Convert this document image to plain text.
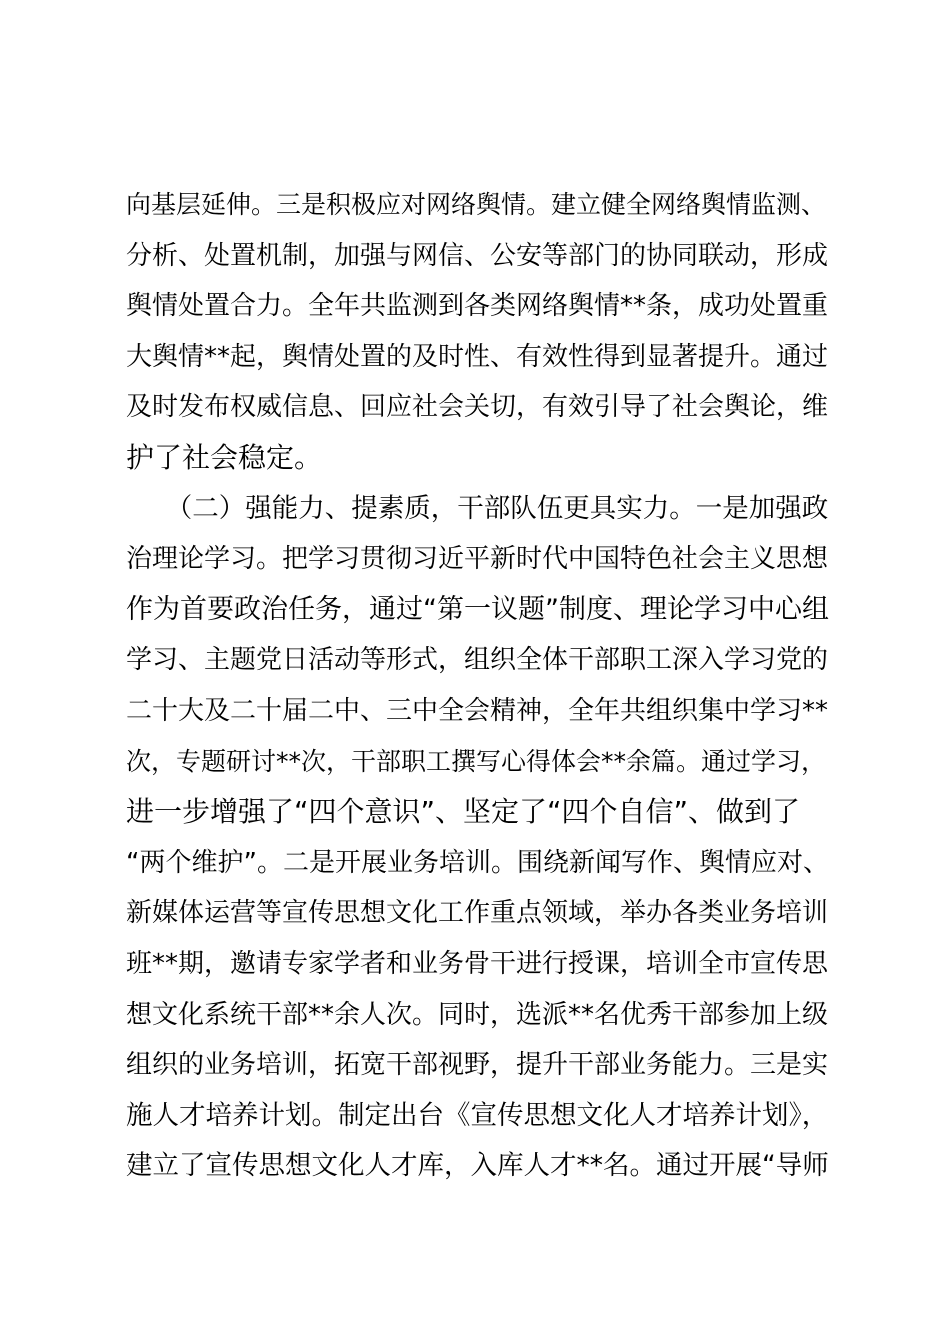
向基层延伸。三是积极应对网络舆情。建立健全网络舆情监测、
分析、处置机制，加强与网信、公安等部门的协同联动，形成
舆情处置合力。全年共监测到各类网络舆情**条，成功处置重
大舆情**起，舆情处置的及时性、有效性得到显著提升。通过
及时发布权威信息、回应社会关切，有效引导了社会舆论，维
护了社会稳定。
　　（二）强能力、提素质，干部队伍更具实力。一是加强政
治理论学习。把学习贯彻习近平新时代中国特色社会主义思想
作为首要政治任务，通过“第一议题”制度、理论学习中心组
学习、主题党日活动等形式，组织全体干部职工深入学习党的
二十大及二十届二中、三中全会精神，全年共组织集中学习**
次，专题研讨**次，干部职工撰写心得体会**余篇。通过学习，
进一步增强了“四个意识”、坚定了“四个自信”、做到了
“两个维护”。二是开展业务培训。围绕新闻写作、舆情应对、
新媒体运营等宣传思想文化工作重点领域，举办各类业务培训
班**期，邀请专家学者和业务骨干进行授课，培训全市宣传思
想文化系统干部**余人次。同时，选派**名优秀干部参加上级
组织的业务培训，拓宽干部视野，提升干部业务能力。三是实
施人才培养计划。制定出台《宣传思想文化人才培养计划》，
建立了宣传思想文化人才库，入库人才**名。通过开展“导师
